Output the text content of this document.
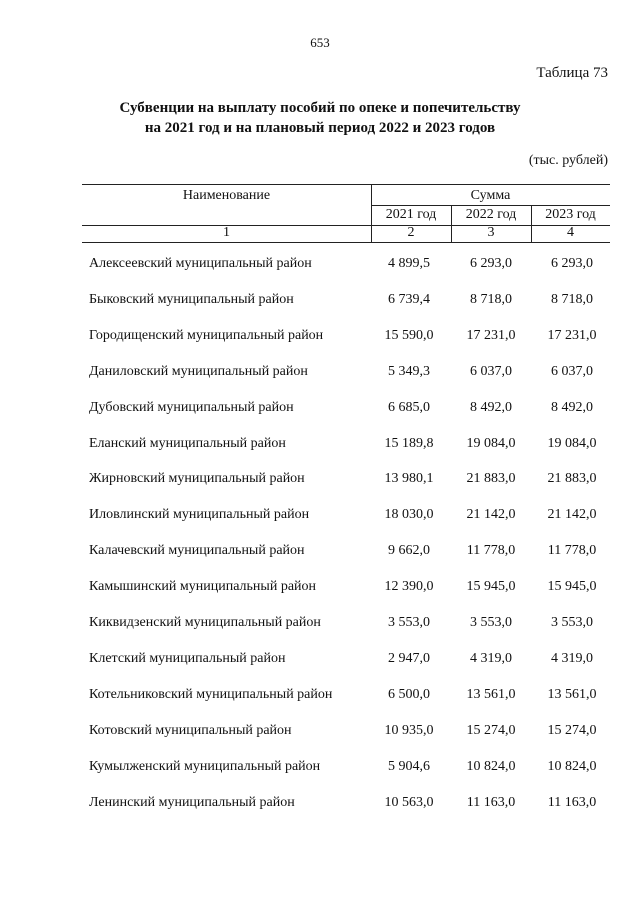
653
Таблица 73
Субвенции на выплату пособий по опеке и попечительству
на 2021 год и на плановый период 2022 и 2023 годов
(тыс. рублей)
Наименование	Сумма
2021 год	2022 год	2023 год
1	2	3	4
Алексеевский муниципальный район	4 899,5	6 293,0	6 293,0
Быковский муниципальный район	6 739,4	8 718,0	8 718,0
Городищенский муниципальный район	15 590,0	17 231,0	17 231,0
Даниловский муниципальный район	5 349,3	6 037,0	6 037,0
Дубовский муниципальный район	6 685,0	8 492,0	8 492,0
Еланский муниципальный район	15 189,8	19 084,0	19 084,0
Жирновский муниципальный район	13 980,1	21 883,0	21 883,0
Иловлинский муниципальный район	18 030,0	21 142,0	21 142,0
Калачевский муниципальный район	9 662,0	11 778,0	11 778,0
Камышинский муниципальный район	12 390,0	15 945,0	15 945,0
Киквидзенский муниципальный район	3 553,0	3 553,0	3 553,0
Клетский муниципальный район	2 947,0	4 319,0	4 319,0
Котельниковский муниципальный район	6 500,0	13 561,0	13 561,0
Котовский муниципальный район	10 935,0	15 274,0	15 274,0
Кумылженский муниципальный район	5 904,6	10 824,0	10 824,0
Ленинский муниципальный район	10 563,0	11 163,0	11 163,0
